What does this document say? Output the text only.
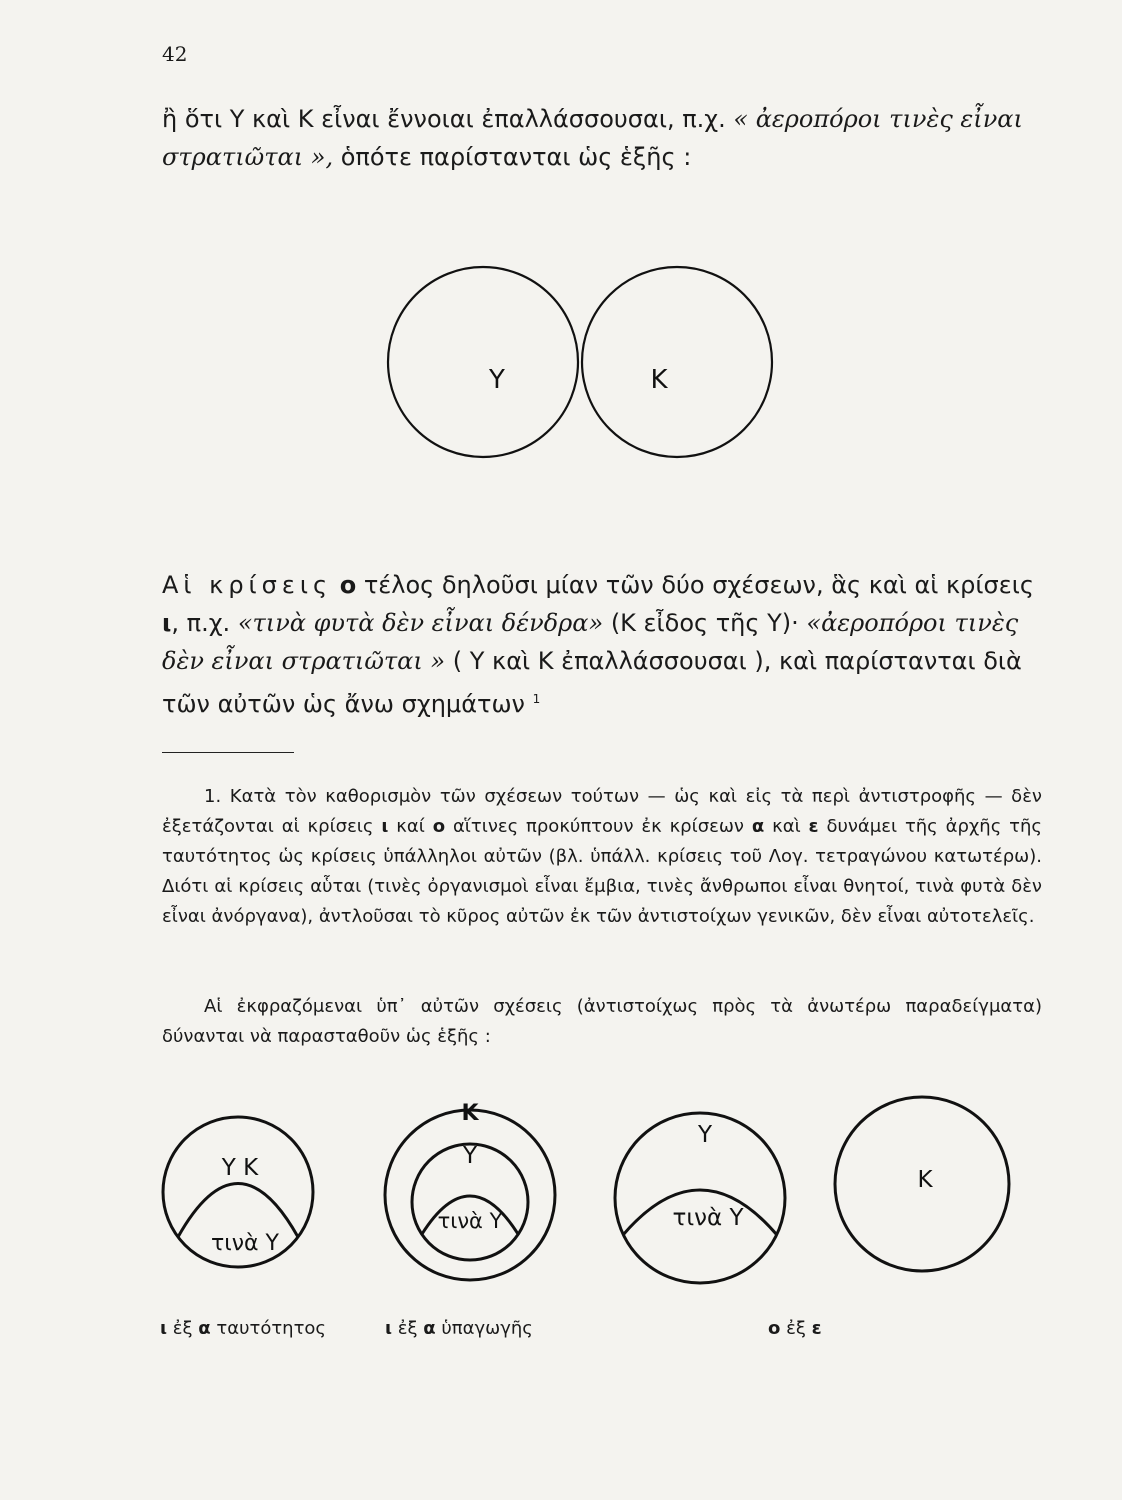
42
ἢ ὅτι Y καὶ K εἶναι ἔννοιαι ἐπαλλάσσουσαι, π.χ. « ἀεροπόροι τινὲς εἶναι στρατιῶται », ὁπότε παρίστανται ὡς ἑξῆς :
Y	K
Αἱ κρίσεις ο τέλος δηλοῦσι μίαν τῶν δύο σχέσεων, ἃς καὶ αἱ κρίσεις ι, π.χ. «τινὰ φυτὰ δὲν εἶναι δένδρα» (K εἶδος τῆς Y)· «ἀεροπόροι τινὲς δὲν εἶναι στρατιῶται » ( Y καὶ K ἐπαλλάσσουσαι ), καὶ παρίστανται διὰ τῶν αὐτῶν ὡς ἄνω σχημάτων $^1$
1. Κατὰ τὸν καθορισμὸν τῶν σχέσεων τούτων — ὡς καὶ εἰς τὰ περὶ ἀντιστροφῆς — δὲν ἐξετάζονται αἱ κρίσεις ι καί ο αἵτινες προκύπτουν ἐκ κρίσεων α καὶ ε δυνάμει τῆς ἀρχῆς τῆς ταυτότητος ὡς κρίσεις ὑπάλληλοι αὐτῶν (βλ. ὑπάλλ. κρίσεις τοῦ Λογ. τετραγώνου κατωτέρω). Διότι αἱ κρίσεις αὗται (τινὲς ὀργανισμοὶ εἶναι ἔμβια, τινὲς ἄνθρωποι εἶναι θνητοί, τινὰ φυτὰ δὲν εἶναι ἀνόργανα), ἀντλοῦσαι τὸ κῦρος αὐτῶν ἐκ τῶν ἀντιστοίχων γενικῶν, δὲν εἶναι αὐτοτελεῖς.
Αἱ ἐκφραζόμεναι ὑπ᾽ αὐτῶν σχέσεις (ἀντιστοίχως πρὸς τὰ ἀνωτέρω παραδείγματα) δύνανται νὰ παρασταθοῦν ὡς ἑξῆς :
Y K
τινὰ Y
K
Y
τινὰ Y
Y
τινὰ Y
K
ι ἐξ α ταυτότητος	ι ἐξ α ὑπαγωγῆς	ο ἐξ ε
